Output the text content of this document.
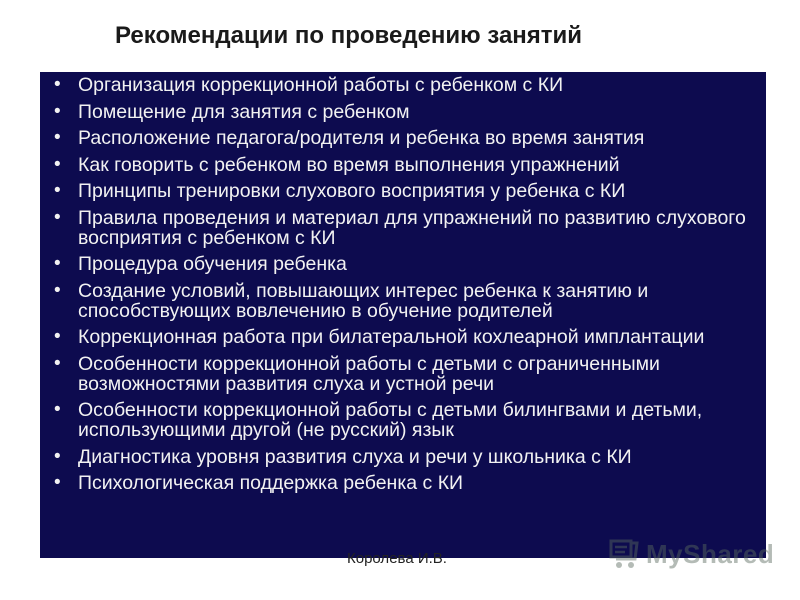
Рекомендации по проведению занятий
• Организация коррекционной работы с ребенком с КИ
• Помещение для занятия с ребенком
• Расположение педагога/родителя и ребенка во время занятия
• Как говорить с ребенком во время выполнения упражнений
• Принципы тренировки слухового восприятия у ребенка с КИ
• Правила проведения и материал для упражнений по развитию слухового восприятия с ребенком с КИ
• Процедура обучения ребенка
• Создание условий, повышающих интерес ребенка к занятию и способствующих вовлечению в обучение родителей
• Коррекционная работа при билатеральной кохлеарной имплантации
• Особенности коррекционной работы с детьми с ограниченными возможностями развития слуха и устной речи
• Особенности коррекционной работы с детьми билингвами и детьми, использующими другой (не русский) язык
• Диагностика уровня развития слуха и речи у школьника с КИ
• Психологическая поддержка ребенка с КИ
Королева И.В.	MyShared
